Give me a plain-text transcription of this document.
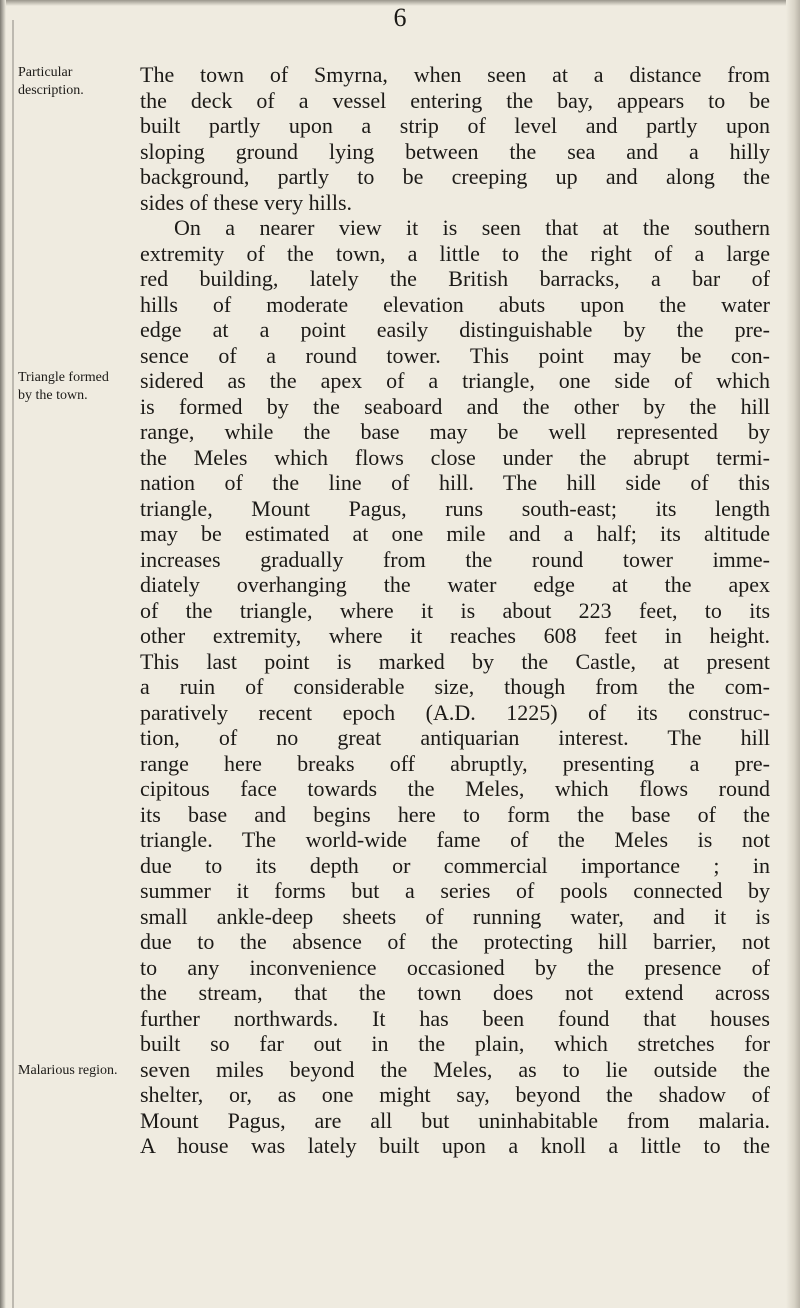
6
Particular description.
Triangle formed by the town.
Malarious region.
The town of Smyrna, when seen at a distance from
the deck of a vessel entering the bay, appears to be
built partly upon a strip of level and partly upon
sloping ground lying between the sea and a hilly
background, partly to be creeping up and along the
sides of these very hills.
On a nearer view it is seen that at the southern
extremity of the town, a little to the right of a large
red building, lately the British barracks, a bar of
hills of moderate elevation abuts upon the water
edge at a point easily distinguishable by the pre-
sence of a round tower. This point may be con-
sidered as the apex of a triangle, one side of which
is formed by the seaboard and the other by the hill
range, while the base may be well represented by
the Meles which flows close under the abrupt termi-
nation of the line of hill. The hill side of this
triangle, Mount Pagus, runs south-east; its length
may be estimated at one mile and a half; its altitude
increases gradually from the round tower imme-
diately overhanging the water edge at the apex
of the triangle, where it is about 223 feet, to its
other extremity, where it reaches 608 feet in height.
This last point is marked by the Castle, at present
a ruin of considerable size, though from the com-
paratively recent epoch (A.D. 1225) of its construc-
tion, of no great antiquarian interest. The hill
range here breaks off abruptly, presenting a pre-
cipitous face towards the Meles, which flows round
its base and begins here to form the base of the
triangle. The world-wide fame of the Meles is not
due to its depth or commercial importance ; in
summer it forms but a series of pools connected by
small ankle-deep sheets of running water, and it is
due to the absence of the protecting hill barrier, not
to any inconvenience occasioned by the presence of
the stream, that the town does not extend across
further northwards. It has been found that houses
built so far out in the plain, which stretches for
seven miles beyond the Meles, as to lie outside the
shelter, or, as one might say, beyond the shadow of
Mount Pagus, are all but uninhabitable from malaria.
A house was lately built upon a knoll a little to the
